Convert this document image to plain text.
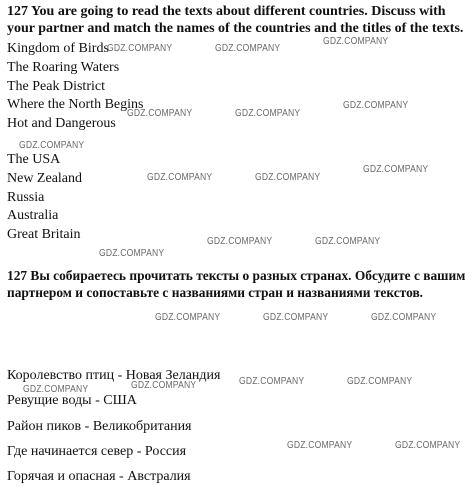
127 You are going to read the texts about different countries. Discuss with your partner and match the names of the countries and the titles of the texts.

Kingdom of Birds

The Roaring Waters

The Peak District

Where the North Begins

Hot and Dangerous

The USA

New Zealand

Russia

Australia

Great Britain

127 Вы собираетесь прочитать тексты о разных странах. Обсудите с вашим партнером и сопоставьте с названиями стран и названиями текстов.

Королевство птиц - Новая Зеландия

Ревущие воды - США

Район пиков - Великобритания

Где начинается север - Россия

Горячая и опасная - Австралия

GDZ.COMPANY	GDZ.COMPANY
GDZ.COMPANY
GDZ.COMPANY
GDZ.COMPANY	GDZ.COMPANY
GDZ.COMPANY
GDZ.COMPANY
GDZ.COMPANY	GDZ.COMPANY
GDZ.COMPANY	GDZ.COMPANY
GDZ.COMPANY
GDZ.COMPANY	GDZ.COMPANY	GDZ.COMPANY
GDZ.COMPANY	GDZ.COMPANY
GDZ.COMPANY
GDZ.COMPANY
GDZ.COMPANY	GDZ.COMPANY
